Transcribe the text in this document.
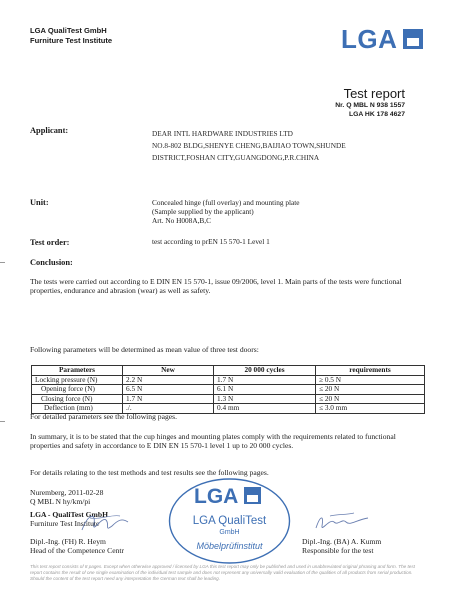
LGA QualiTest GmbH
Furniture Test Institute	LGA
Test report
Nr. Q MBL N 938 1557
LGA HK 178 4627
Applicant:	DEAR INTL HARDWARE INDUSTRIES LTD
NO.8-802 BLDG,SHENYE CHENG,BAIJIAO TOWN,SHUNDE
DISTRICT,FOSHAN CITY,GUANGDONG,P.R.CHINA
Unit:	Concealed hinge (full overlay) and mounting plate
(Sample supplied by the applicant)
Art. No H008A,B,C
Test order:	test according to prEN 15 570-1 Level 1
Conclusion:
The tests were carried out according to E DIN EN 15 570-1, issue 09/2006, level 1. Main parts of the tests were functional properties, endurance and abrasion (wear) as well as safety.
Following parameters will be determined as mean value of three test doors:
Parameters	New	20 000 cycles	requirements
Locking pressure (N)	2.2 N	1.7 N	≥ 0.5 N
Opening force (N)	6.5 N	6.1 N	≤ 20 N
Closing force (N)	1.7 N	1.3 N	≤ 20 N
Deflection (mm)	./.	0.4 mm	≤ 3.0 mm
For detailed parameters see the following pages.
In summary, it is to be stated that the cup hinges and mounting plates comply with the requirements related to functional properties and safety in accordance to E DIN EN 15 570-1 level 1 up to 20 000 cycles.
For details relating to the test methods and test results see the following pages.
Nuremberg, 2011-02-28
Q MBL N hy/km/pi
LGA - QualiTest GmbH
Furniture Test Institute
LGA
LGA QualiTest
GmbH
Möbelprüfinstitut
Dipl.-Ing. (FH) R. Heym
Head of the Competence Centr
Dipl.-Ing. (BA) A. Kumm
Responsible for the test
This test report consists of 8 pages. Except when otherwise approved / licensed by LGA this test report may only be published and used in unabbreviated original phrasing and form. The test report contains the result of one single examination of the individual test sample and does not represent any universally valid evaluation of the qualities of all products from serial production. Should the content of the test report need any interpretation the German text shall be leading.
